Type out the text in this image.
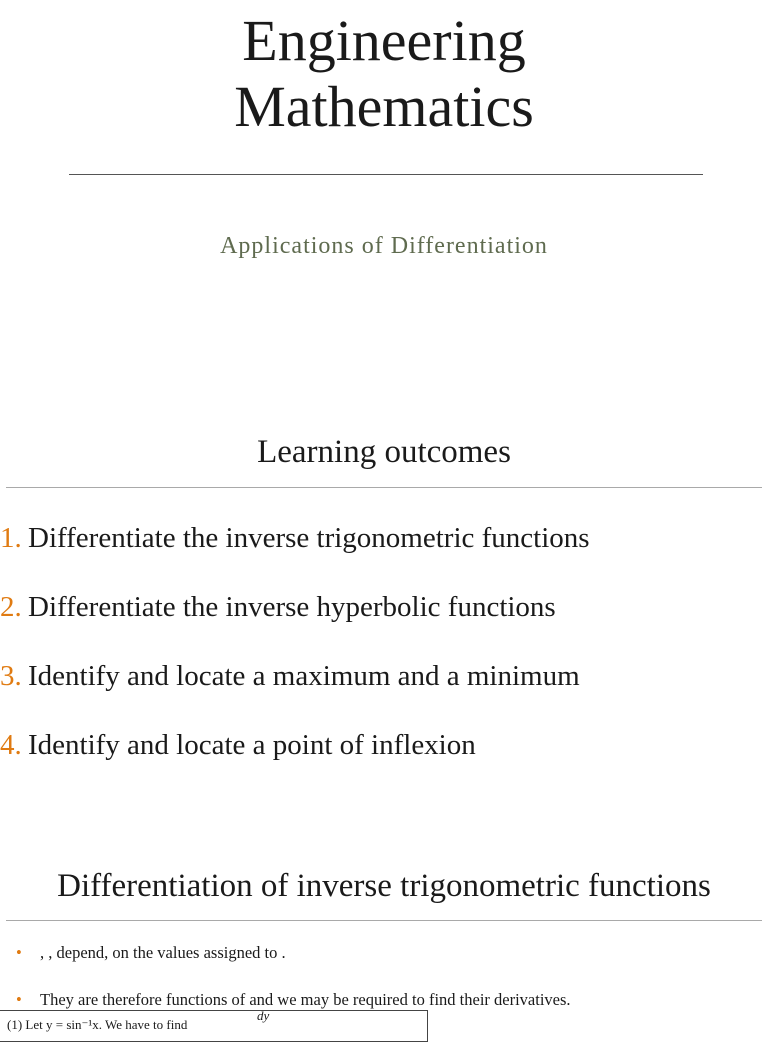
Engineering
Mathematics
Applications of Differentiation
Learning outcomes
1. Differentiate the inverse trigonometric functions
2. Differentiate the inverse hyperbolic functions
3. Identify and locate a maximum and a minimum
4. Identify and locate a point of inflexion
Differentiation of inverse trigonometric functions
• , , depend, on the values assigned to .
• They are therefore functions of and we may be required to find their derivatives.
(1) Let y = sin⁻¹x. We have to find
dy
